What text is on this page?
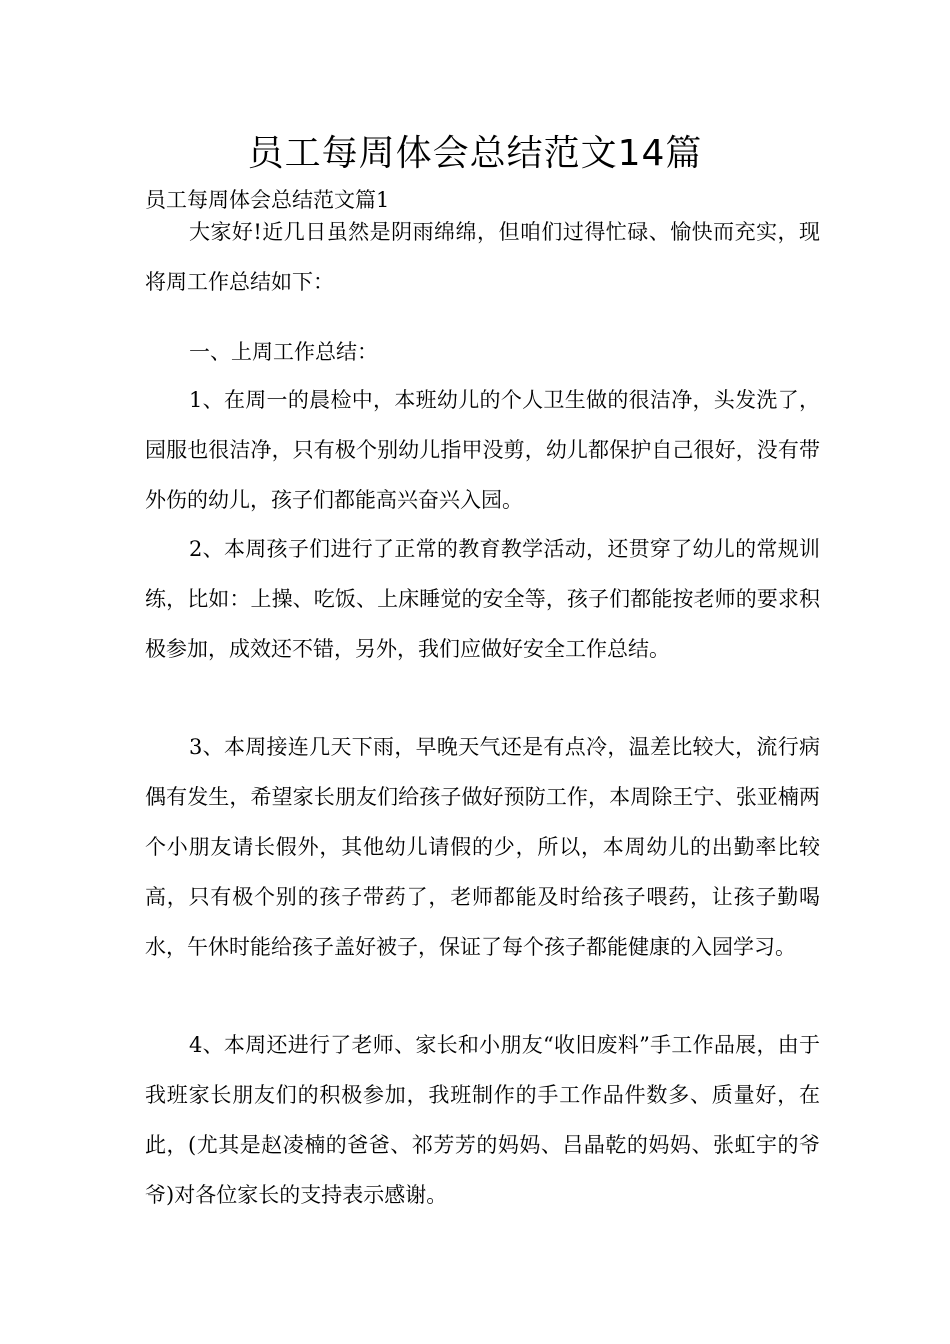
员工每周体会总结范文14篇

员工每周体会总结范文篇1

大家好!近几日虽然是阴雨绵绵，但咱们过得忙碌、愉快而充实，现将周工作总结如下：

一、上周工作总结：

1、在周一的晨检中，本班幼儿的个人卫生做的很洁净，头发洗了，园服也很洁净，只有极个别幼儿指甲没剪，幼儿都保护自己很好，没有带外伤的幼儿，孩子们都能高兴奋兴入园。

2、本周孩子们进行了正常的教育教学活动，还贯穿了幼儿的常规训练，比如：上操、吃饭、上床睡觉的安全等，孩子们都能按老师的要求积极参加，成效还不错，另外，我们应做好安全工作总结。

3、本周接连几天下雨，早晚天气还是有点冷，温差比较大，流行病偶有发生，希望家长朋友们给孩子做好预防工作，本周除王宁、张亚楠两个小朋友请长假外，其他幼儿请假的少，所以，本周幼儿的出勤率比较高，只有极个别的孩子带药了，老师都能及时给孩子喂药，让孩子勤喝水，午休时能给孩子盖好被子，保证了每个孩子都能健康的入园学习。

4、本周还进行了老师、家长和小朋友“收旧废料”手工作品展，由于我班家长朋友们的积极参加，我班制作的手工作品件数多、质量好，在此，(尤其是赵凌楠的爸爸、祁芳芳的妈妈、吕晶乾的妈妈、张虹宇的爷爷)对各位家长的支持表示感谢。
